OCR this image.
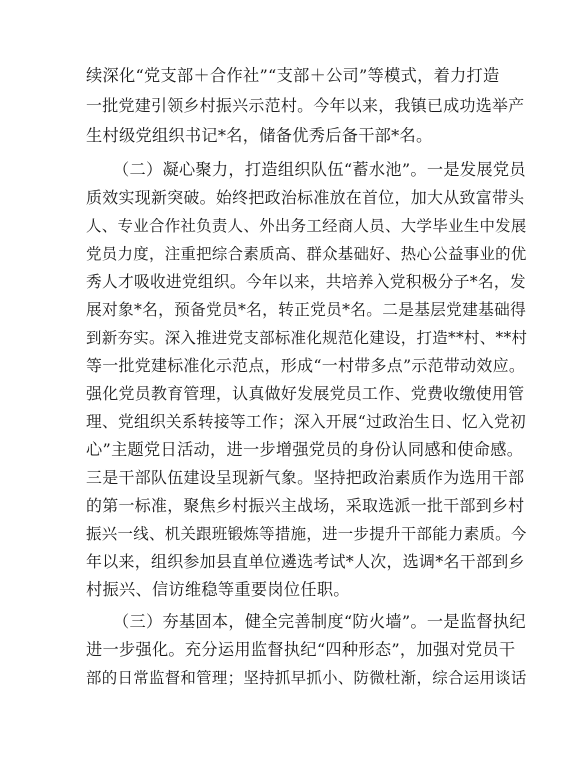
续深化“党支部＋合作社”“支部＋公司”等模式，着力打造
一批党建引领乡村振兴示范村。今年以来，我镇已成功选举产
生村级党组织书记*名，储备优秀后备干部*名。
（二）凝心聚力，打造组织队伍“蓄水池”。一是发展党员
质效实现新突破。始终把政治标准放在首位，加大从致富带头
人、专业合作社负责人、外出务工经商人员、大学毕业生中发展
党员力度，注重把综合素质高、群众基础好、热心公益事业的优
秀人才吸收进党组织。今年以来，共培养入党积极分子*名，发
展对象*名，预备党员*名，转正党员*名。二是基层党建基础得
到新夯实。深入推进党支部标准化规范化建设，打造**村、**村
等一批党建标准化示范点，形成“一村带多点”示范带动效应。
强化党员教育管理，认真做好发展党员工作、党费收缴使用管
理、党组织关系转接等工作；深入开展“过政治生日、忆入党初
心”主题党日活动，进一步增强党员的身份认同感和使命感。
三是干部队伍建设呈现新气象。坚持把政治素质作为选用干部
的第一标准，聚焦乡村振兴主战场，采取选派一批干部到乡村
振兴一线、机关跟班锻炼等措施，进一步提升干部能力素质。今
年以来，组织参加县直单位遴选考试*人次，选调*名干部到乡
村振兴、信访维稳等重要岗位任职。
（三）夯基固本，健全完善制度“防火墙”。一是监督执纪
进一步强化。充分运用监督执纪“四种形态”，加强对党员干
部的日常监督和管理；坚持抓早抓小、防微杜渐，综合运用谈话
